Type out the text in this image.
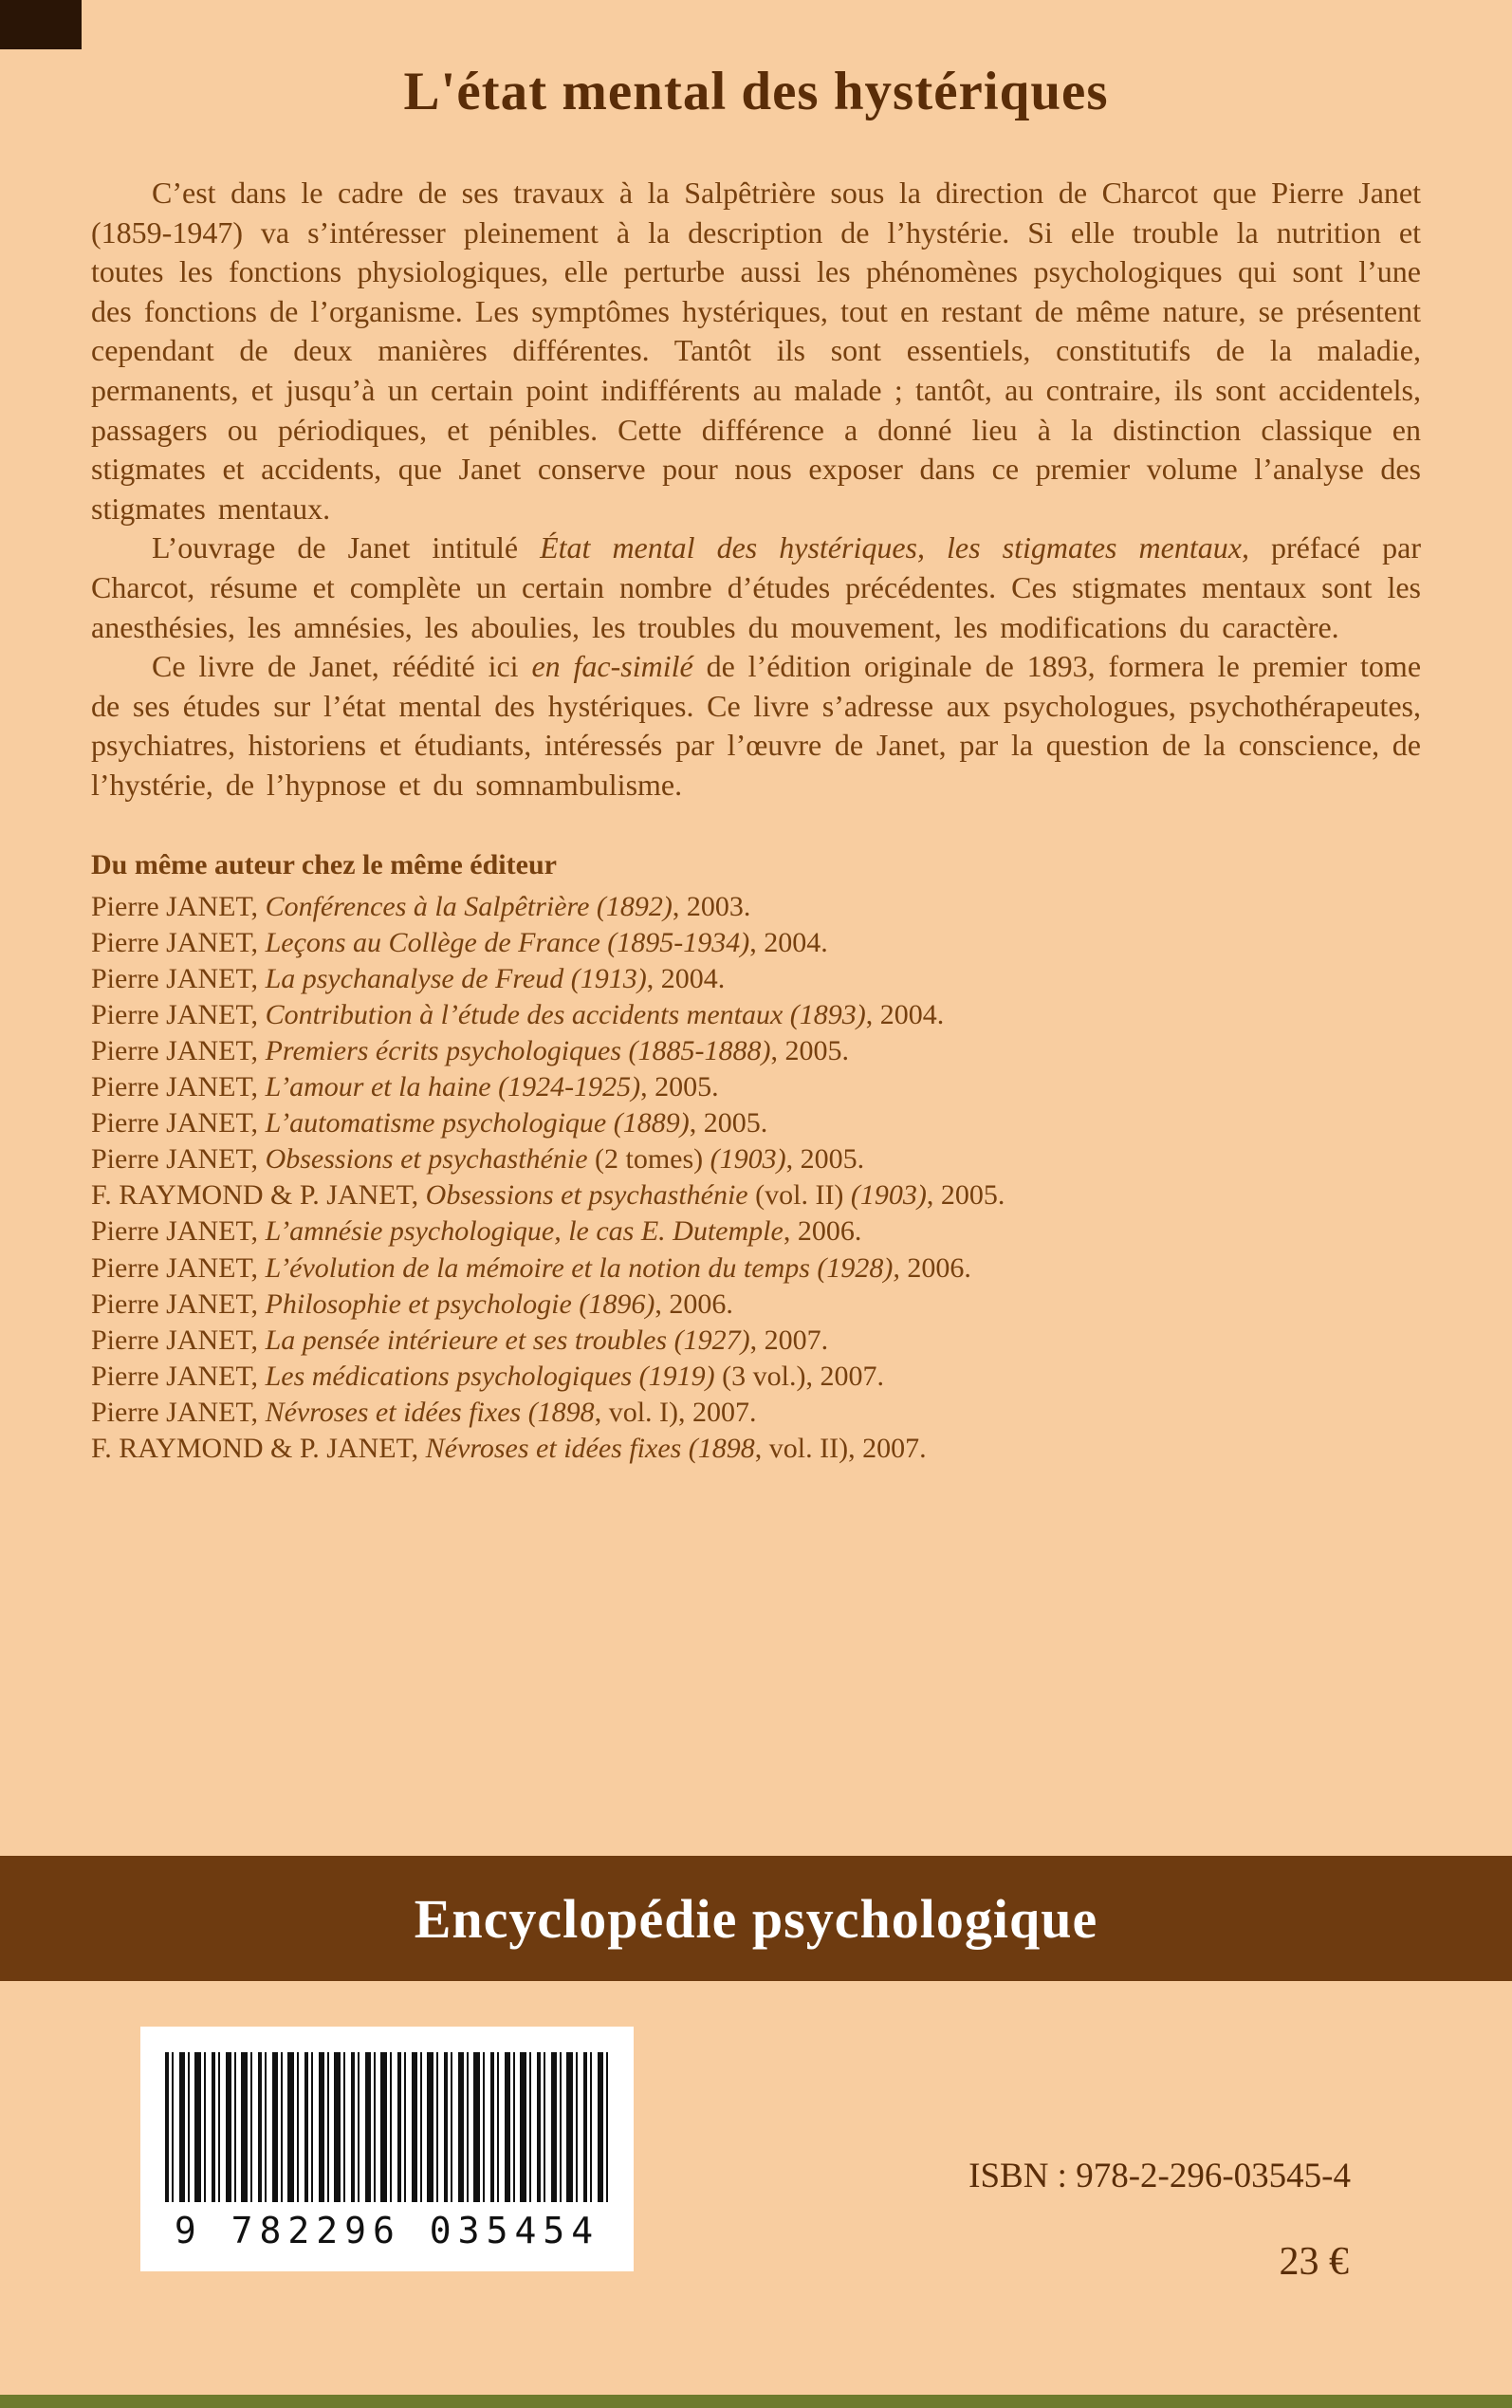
L'état mental des hystériques

C’est dans le cadre de ses travaux à la Salpêtrière sous la direction de Charcot que Pierre Janet (1859-1947) va s’intéresser pleinement à la description de l’hystérie. Si elle trouble la nutrition et toutes les fonctions physiologiques, elle perturbe aussi les phénomènes psychologiques qui sont l’une des fonctions de l’organisme. Les symptômes hystériques, tout en restant de même nature, se présentent cependant de deux manières différentes. Tantôt ils sont essentiels, constitutifs de la maladie, permanents, et jusqu’à un certain point indifférents au malade ; tantôt, au contraire, ils sont accidentels, passagers ou périodiques, et pénibles. Cette différence a donné lieu à la distinction classique en stigmates et accidents, que Janet conserve pour nous exposer dans ce premier volume l’analyse des stigmates mentaux.

L’ouvrage de Janet intitulé État mental des hystériques, les stigmates mentaux, préfacé par Charcot, résume et complète un certain nombre d’études précédentes. Ces stigmates mentaux sont les anesthésies, les amnésies, les aboulies, les troubles du mouvement, les modifications du caractère.

Ce livre de Janet, réédité ici en fac-similé de l’édition originale de 1893, formera le premier tome de ses études sur l’état mental des hystériques. Ce livre s’adresse aux psychologues, psychothérapeutes, psychiatres, historiens et étudiants, intéressés par l’œuvre de Janet, par la question de la conscience, de l’hystérie, de l’hypnose et du somnambulisme.

Du même auteur chez le même éditeur
Pierre JANET, Conférences à la Salpêtrière (1892), 2003.
Pierre JANET, Leçons au Collège de France (1895-1934), 2004.
Pierre JANET, La psychanalyse de Freud (1913), 2004.
Pierre JANET, Contribution à l’étude des accidents mentaux (1893), 2004.
Pierre JANET, Premiers écrits psychologiques (1885-1888), 2005.
Pierre JANET, L’amour et la haine (1924-1925), 2005.
Pierre JANET, L’automatisme psychologique (1889), 2005.
Pierre JANET, Obsessions et psychasthénie (2 tomes) (1903), 2005.
F. RAYMOND & P. JANET, Obsessions et psychasthénie (vol. II) (1903), 2005.
Pierre JANET, L’amnésie psychologique, le cas E. Dutemple, 2006.
Pierre JANET, L’évolution de la mémoire et la notion du temps (1928), 2006.
Pierre JANET, Philosophie et psychologie (1896), 2006.
Pierre JANET, La pensée intérieure et ses troubles (1927), 2007.
Pierre JANET, Les médications psychologiques (1919) (3 vol.), 2007.
Pierre JANET, Névroses et idées fixes (1898, vol. I), 2007.
F. RAYMOND & P. JANET, Névroses et idées fixes (1898, vol. II), 2007.
Encyclopédie psychologique
9 782296 035454
ISBN : 978-2-296-03545-4
23 €
